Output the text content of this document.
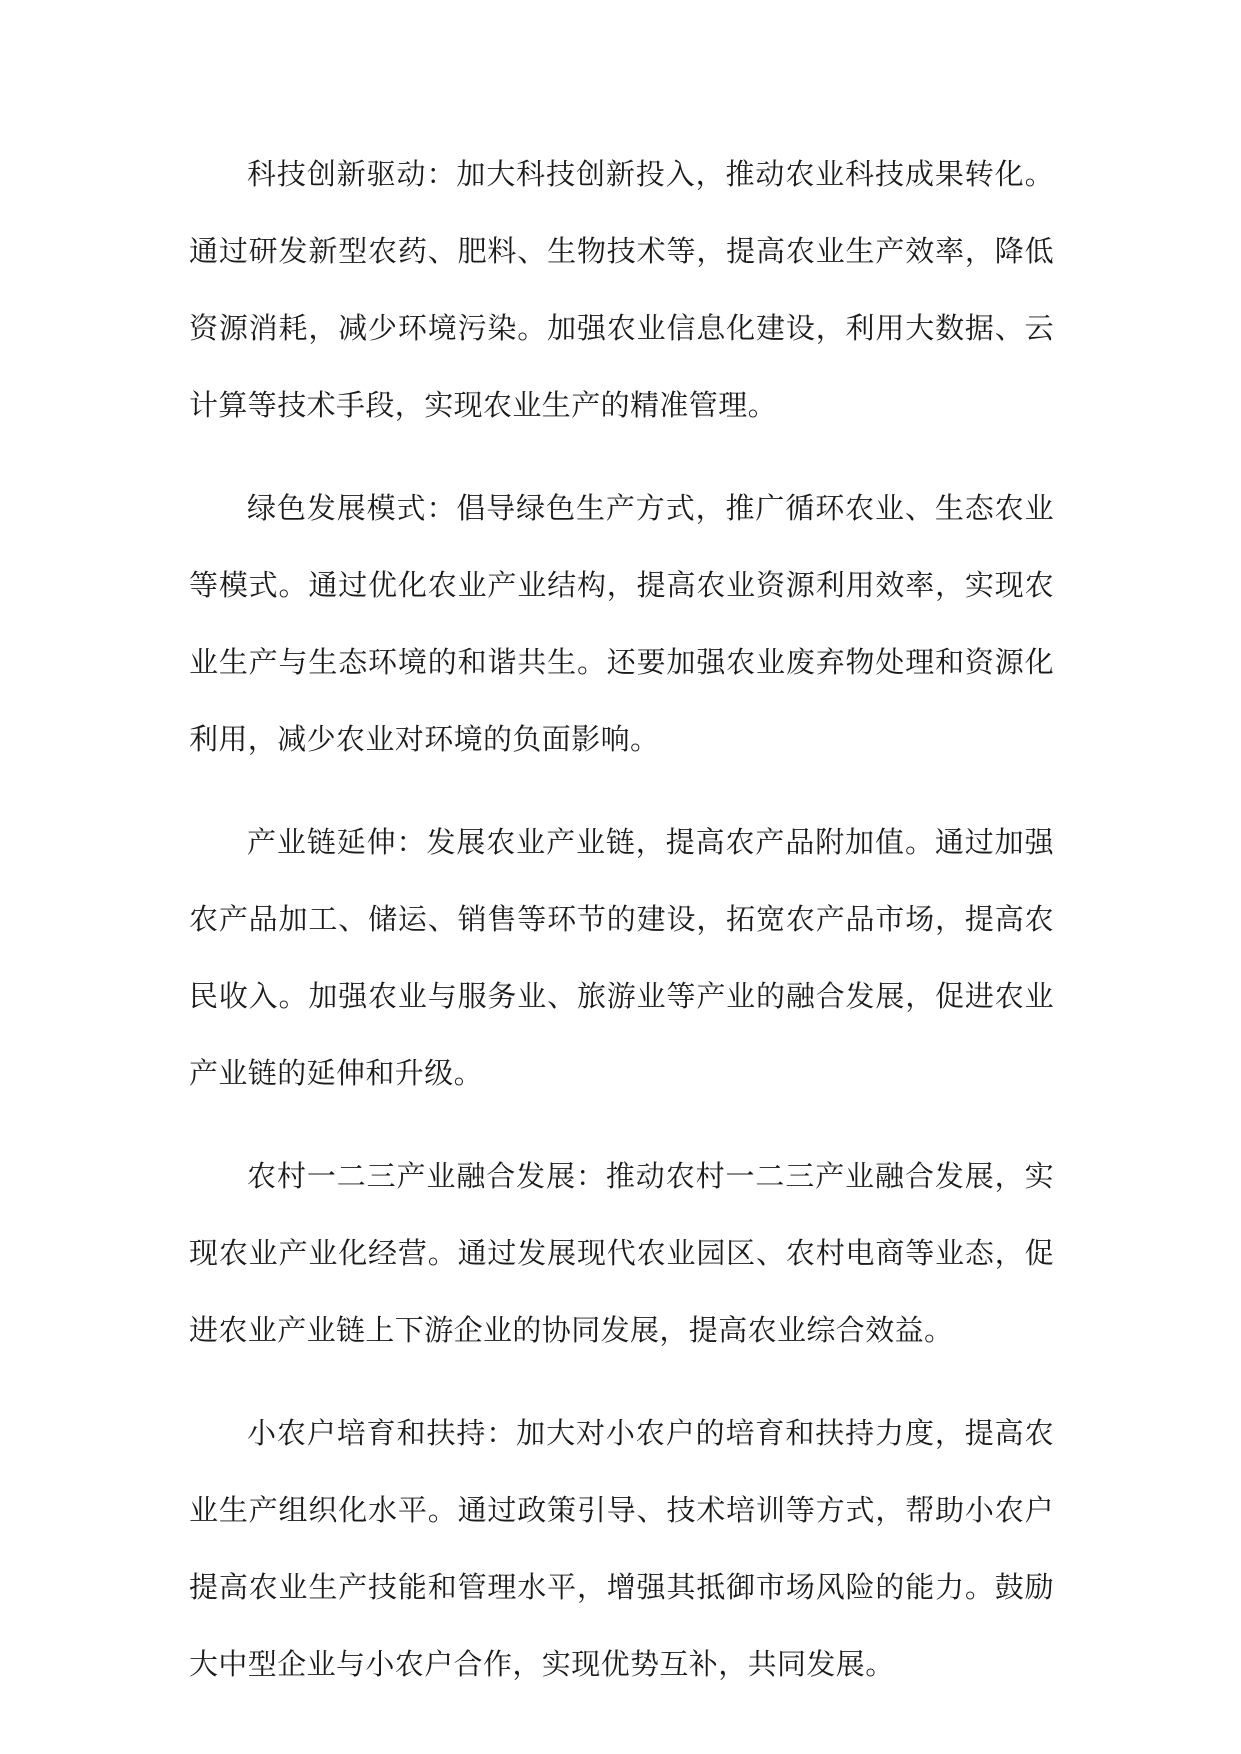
科技创新驱动：加大科技创新投入，推动农业科技成果转化。通过研发新型农药、肥料、生物技术等，提高农业生产效率，降低资源消耗，减少环境污染。加强农业信息化建设，利用大数据、云计算等技术手段，实现农业生产的精准管理。

绿色发展模式：倡导绿色生产方式，推广循环农业、生态农业等模式。通过优化农业产业结构，提高农业资源利用效率，实现农业生产与生态环境的和谐共生。还要加强农业废弃物处理和资源化利用，减少农业对环境的负面影响。

产业链延伸：发展农业产业链，提高农产品附加值。通过加强农产品加工、储运、销售等环节的建设，拓宽农产品市场，提高农民收入。加强农业与服务业、旅游业等产业的融合发展，促进农业产业链的延伸和升级。

农村一二三产业融合发展：推动农村一二三产业融合发展，实现农业产业化经营。通过发展现代农业园区、农村电商等业态，促进农业产业链上下游企业的协同发展，提高农业综合效益。

小农户培育和扶持：加大对小农户的培育和扶持力度，提高农业生产组织化水平。通过政策引导、技术培训等方式，帮助小农户提高农业生产技能和管理水平，增强其抵御市场风险的能力。鼓励大中型企业与小农户合作，实现优势互补，共同发展。
